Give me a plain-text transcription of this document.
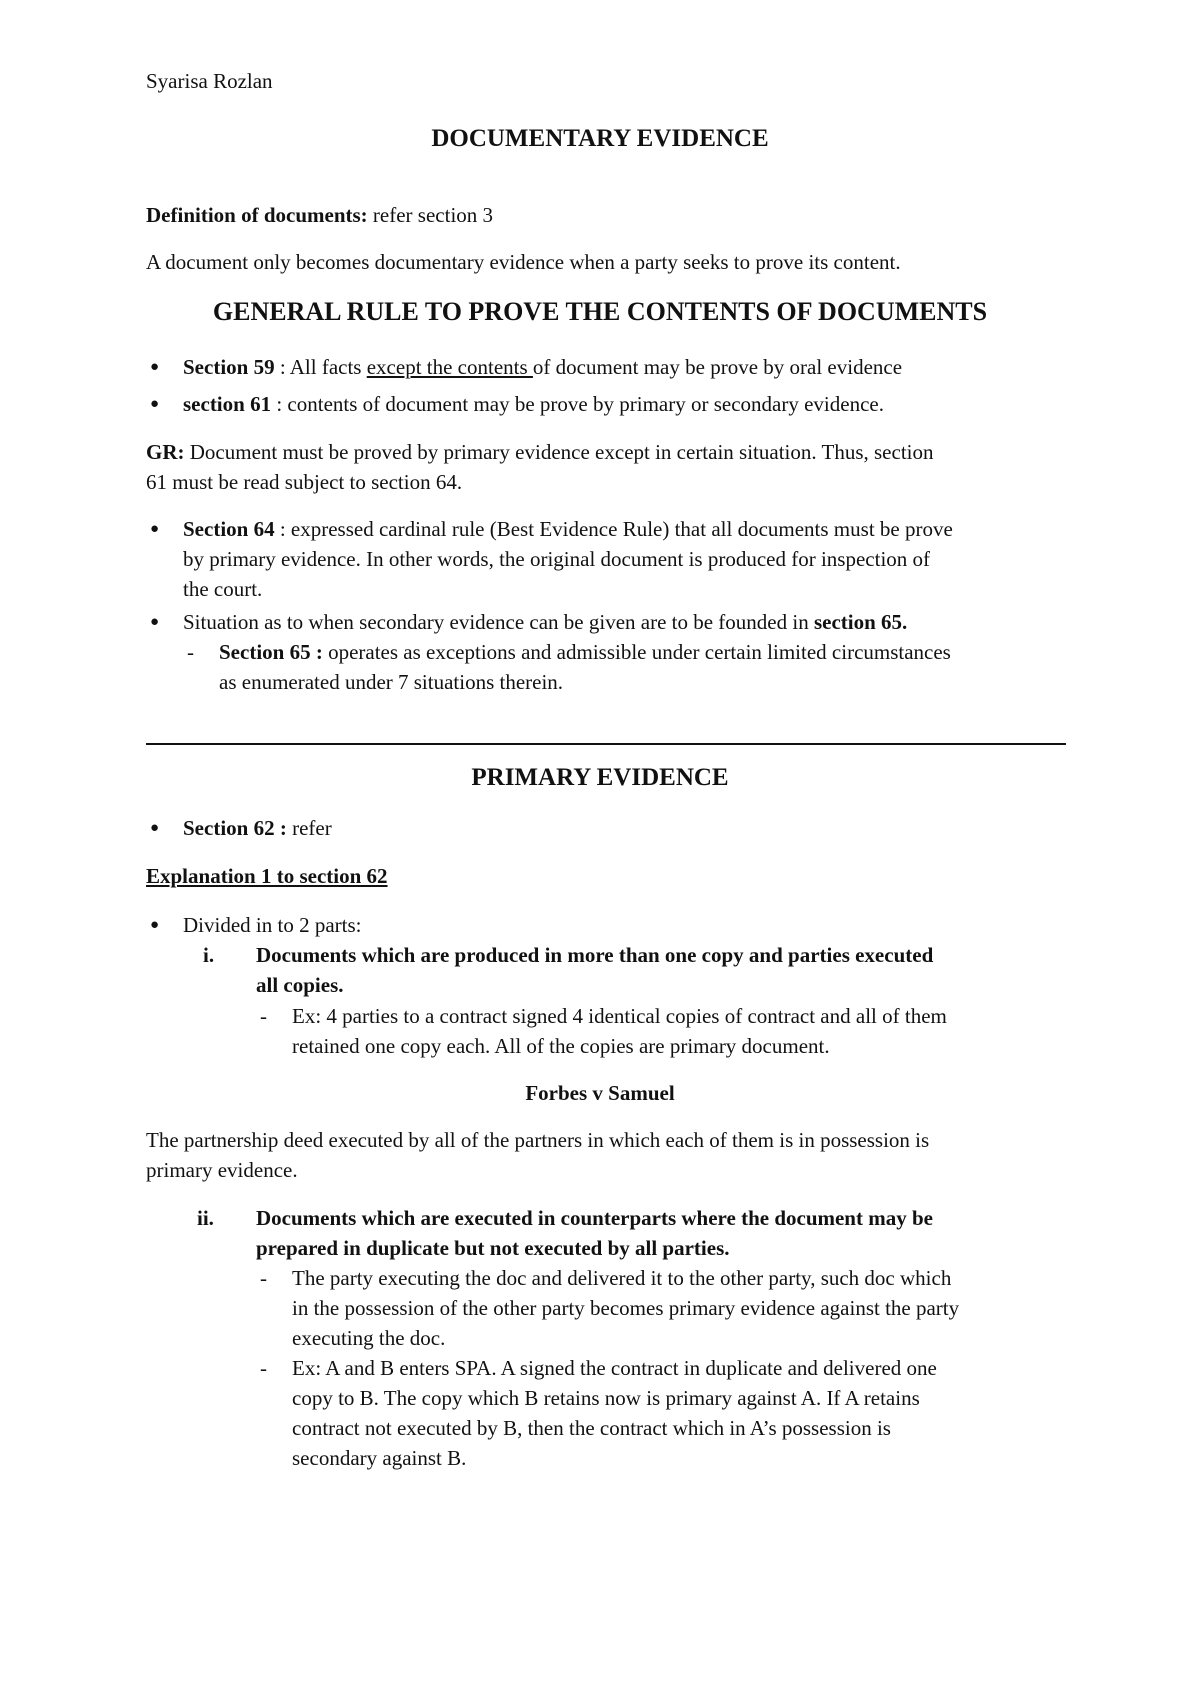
Syarisa Rozlan
DOCUMENTARY EVIDENCE
Definition of documents: refer section 3
A document only becomes documentary evidence when a party seeks to prove its content.
GENERAL RULE TO PROVE THE CONTENTS OF DOCUMENTS
● Section 59 : All facts except the contents of document may be prove by oral evidence
● section 61 : contents of document may be prove by primary or secondary evidence.
GR: Document must be proved by primary evidence except in certain situation. Thus, section
61 must be read subject to section 64.
● Section 64 : expressed cardinal rule (Best Evidence Rule) that all documents must be prove
by primary evidence. In other words, the original document is produced for inspection of
the court.
● Situation as to when secondary evidence can be given are to be founded in section 65.
- Section 65 : operates as exceptions and admissible under certain limited circumstances
as enumerated under 7 situations therein.
PRIMARY EVIDENCE
● Section 62 : refer
Explanation 1 to section 62
● Divided in to 2 parts:
i. Documents which are produced in more than one copy and parties executed
all copies.
- Ex: 4 parties to a contract signed 4 identical copies of contract and all of them
retained one copy each. All of the copies are primary document.
Forbes v Samuel
The partnership deed executed by all of the partners in which each of them is in possession is
primary evidence.
ii. Documents which are executed in counterparts where the document may be
prepared in duplicate but not executed by all parties.
- The party executing the doc and delivered it to the other party, such doc which
in the possession of the other party becomes primary evidence against the party
executing the doc.
- Ex: A and B enters SPA. A signed the contract in duplicate and delivered one
copy to B. The copy which B retains now is primary against A. If A retains
contract not executed by B, then the contract which in A’s possession is
secondary against B.
